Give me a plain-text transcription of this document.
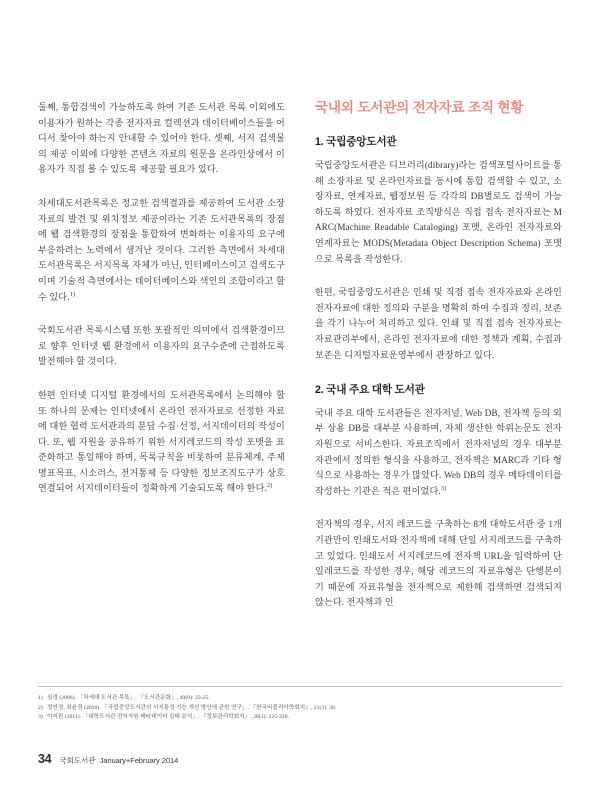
둘째, 통합검색이 가능하도록 하여 기존 도서관 목록 이외에도 이용자가 원하는 각종 전자자료 컬렉션과 데이터베이스들을 어디서 찾아야 하는지 안내할 수 있어야 한다. 셋째, 서지 검색물의 제공 이외에 다양한 콘텐츠 자료의 원문을 온라인상에서 이용자가 직접 볼 수 있도록 제공할 필요가 있다.

차세대도서관목록은 정교한 검색결과를 제공하여 도서관 소장자료의 발견 및 위치정보 제공이라는 기존 도서관목록의 장점에 웹 검색환경의 장점을 통합하여 변화하는 이용자의 요구에 부응하려는 노력에서 생겨난 것이다. 그러한 측면에서 차세대도서관목록은 서지목록 자체가 아닌, 인터페이스이고 검색도구이며 기술적 측면에서는 데이터베이스와 색인의 조합이라고 할 수 있다.$^{1)}$

국회도서관 목록시스템 또한 포괄적인 의미에서 검색환경이므로 향후 인터넷 웹 환경에서 이용자의 요구수준에 근접하도록 발전해야 할 것이다.

한편 인터넷 디지털 환경에서의 도서관목록에서 논의해야 할 또 하나의 문제는 인터넷에서 온라인 전자자료로 선정한 자료에 대한 협력 도서관과의 분담 수집·선정, 서지데이터의 작성이다. 또, 웹 자원을 공유하기 위한 서지레코드의 작성 포맷을 표준화하고 통일해야 하며, 목록규칙을 비롯하여 분류체계, 주제명표목표, 시소러스, 전거통제 등 다양한 정보조직도구가 상호 연결되어 서지데이터들이 정확하게 기술되도록 해야 한다.$^{2)}$

국내외 도서관의 전자자료 조직 현황
1. 국립중앙도서관

국립중앙도서관은 디브러리(dibrary)라는 검색포털사이트를 통해 소장자료 및 온라인자료를 동시에 통합 검색할 수 있고, 소장자료, 연계자료, 웹정보원 등 각각의 DB별로도 검색이 가능하도록 하였다. 전자자료 조직방식은 직접 접속 전자자료는 MARC(Machine Readable Cataloging) 포맷, 온라인 전자자료와 연계자료는 MODS(Metadata Object Description Schema) 포맷으로 목록을 작성한다.

한편, 국립중앙도서관은 인쇄 및 직접 접속 전자자료와 온라인 전자자료에 대한 정의와 구분을 명확히 하여 수집과 정리, 보존을 각기 나누어 처리하고 있다. 인쇄 및 직접 접속 전자자료는 자료관리부에서, 온라인 전자자료에 대한 정책과 계획, 수집과 보존은 디지털자료운영부에서 관장하고 있다.

2. 국내 주요 대학 도서관

국내 주요 대학 도서관들은 전자저널, Web DB, 전자책 등의 외부 상용 DB를 대부분 사용하며, 자체 생산한 학위논문도 전자자원으로 서비스한다. 자료조직에서 전자저널의 경우 대부분 자관에서 정의한 형식을 사용하고, 전자책은 MARC과 기타 형식으로 사용하는 경우가 많았다. Web DB의 경우 메타데이터를 작성하는 기관은 적은 편이었다.$^{3)}$

전자책의 경우, 서지 레코드를 구축하는 8개 대학도서관 중 1개 기관만이 인쇄도서와 전자책에 대해 단일 서지레코드를 구축하고 있었다. 인쇄도서 서지레코드에 전자책 URL을 입력하여 단일레코드를 작성한 경우, 해당 레코드의 자료유형은 단행본이기 때문에 자료유형을 전자책으로 제한해 검색하면 검색되지 않는다. 전자책과 인

1) 심경 (2006). 「차세대 도서관 목록」. 『도서관문화』, 49(9): 23-25.
2) 정연경, 최윤경 (2010). 「국립중앙도서관의 서지통정 기능 개선 방안에 관한 연구」. 『한국비블리아학회지』, 21(3): 30.
3) 이지원 (2011). 「대학도서관 전자자원 메타데이터 실태 분석」. 『정보관리학회지』, 28(1): 225-226.
34 국회도서관 January+February 2014
